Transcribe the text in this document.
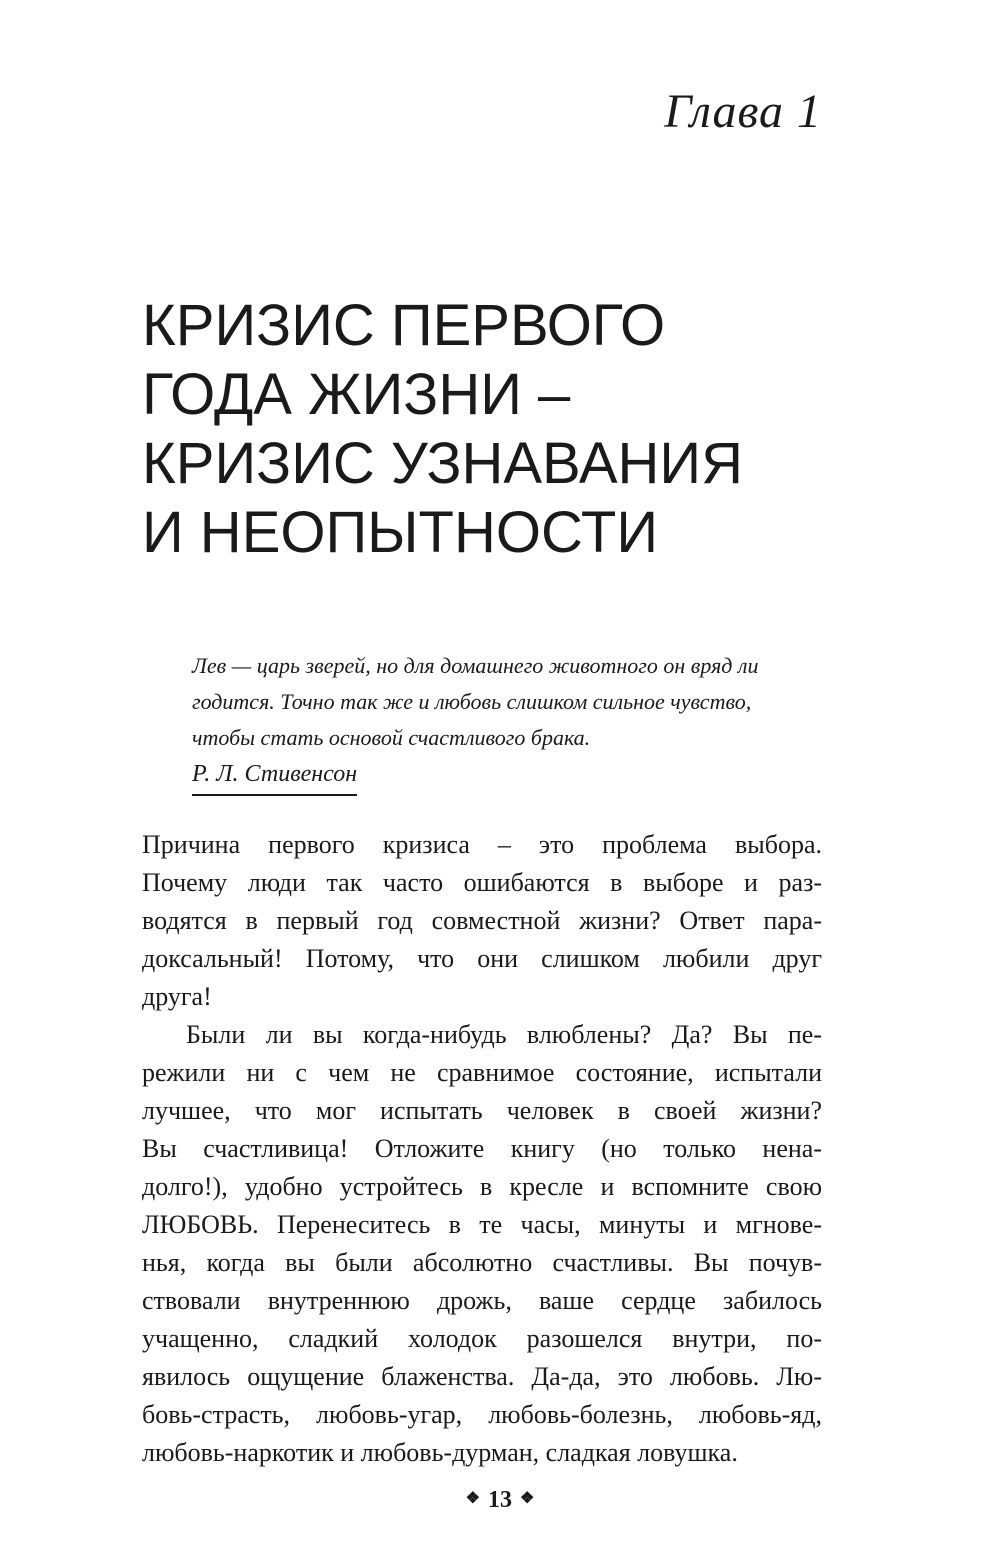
Глава 1
КРИЗИС ПЕРВОГО
ГОДА ЖИЗНИ –
КРИЗИС УЗНАВАНИЯ
И НЕОПЫТНОСТИ
Лев — царь зверей, но для домашнего животного он вряд ли
годится. Точно так же и любовь слишком сильное чувство,
чтобы стать основой счастливого брака.
Р. Л. Стивенсон
Причина первого кризиса – это проблема выбора.
Почему люди так часто ошибаются в выборе и раз-
водятся в первый год совместной жизни? Ответ пара-
доксальный! Потому, что они слишком любили друг
друга!
Были ли вы когда-нибудь влюблены? Да? Вы пе-
режили ни с чем не сравнимое состояние, испытали
лучшее, что мог испытать человек в своей жизни?
Вы счастливица! Отложите книгу (но только нена-
долго!), удобно устройтесь в кресле и вспомните свою
ЛЮБОВЬ. Перенеситесь в те часы, минуты и мгнове-
нья, когда вы были абсолютно счастливы. Вы почув-
ствовали внутреннюю дрожь, ваше сердце забилось
учащенно, сладкий холодок разошелся внутри, по-
явилось ощущение блаженства. Да-да, это любовь. Лю-
бовь-страсть, любовь-угар, любовь-болезнь, любовь-яд,
любовь-наркотик и любовь-дурман, сладкая ловушка.
❖ 13 ❖
